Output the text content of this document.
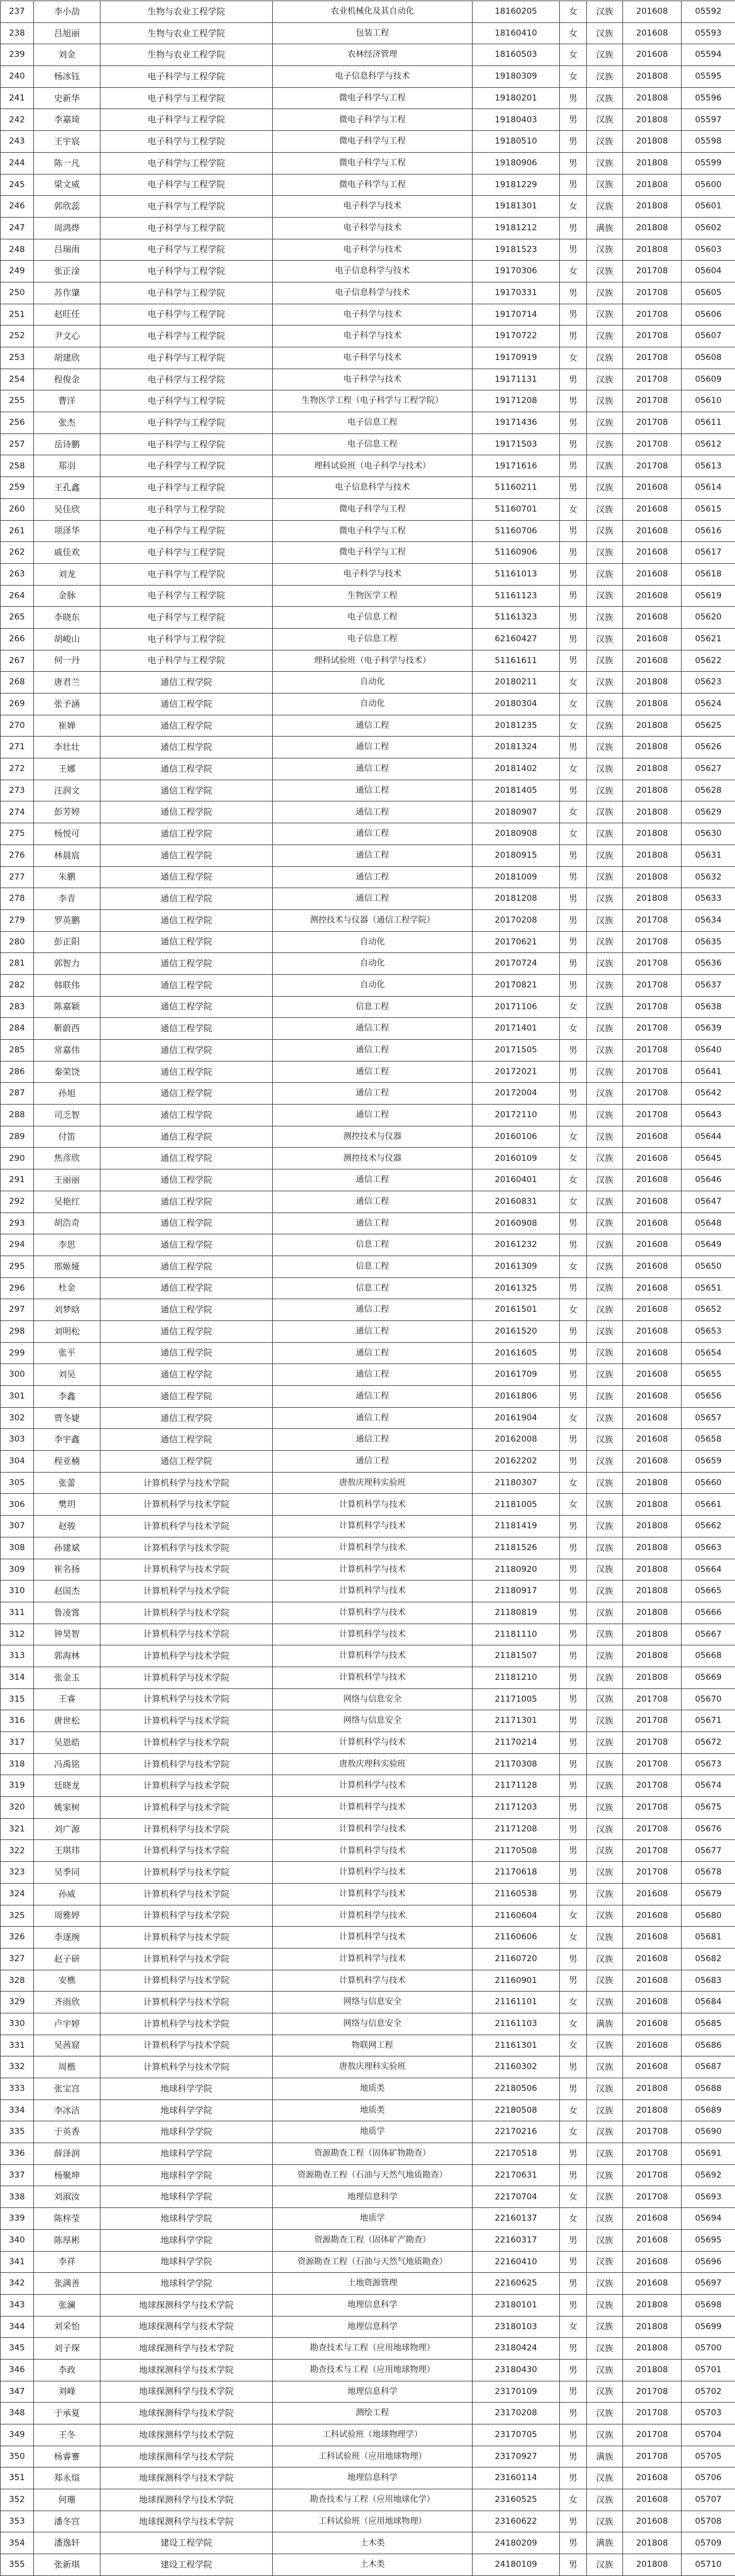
237	李小劼	生物与农业工程学院	农业机械化及其自动化	18160205	女	汉族	201608	05592
238	吕旭丽	生物与农业工程学院	包装工程	18160410	女	汉族	201608	05593
239	刘金	生物与农业工程学院	农林经济管理	18160503	女	汉族	201608	05594
240	杨冰钰	电子科学与工程学院	电子信息科学与技术	19180309	女	汉族	201808	05595
241	史新华	电子科学与工程学院	微电子科学与工程	19180201	男	汉族	201808	05596
242	李嘉琦	电子科学与工程学院	微电子科学与工程	19180403	男	汉族	201808	05597
243	王宇宸	电子科学与工程学院	微电子科学与工程	19180510	男	汉族	201808	05598
244	陈一凡	电子科学与工程学院	微电子科学与工程	19180906	男	汉族	201808	05599
245	梁文威	电子科学与工程学院	微电子科学与工程	19181229	男	汉族	201808	05600
246	郭欣蕊	电子科学与工程学院	电子科学与技术	19181301	女	汉族	201808	05601
247	周鸿烨	电子科学与工程学院	电子科学与技术	19181212	男	满族	201808	05602
248	吕瑞雨	电子科学与工程学院	电子科学与技术	19181523	男	汉族	201808	05603
249	张正淦	电子科学与工程学院	电子信息科学与技术	19170306	女	汉族	201708	05604
250	苏作肇	电子科学与工程学院	电子信息科学与技术	19170331	男	汉族	201708	05605
251	赵旺任	电子科学与工程学院	电子科学与技术	19170714	男	汉族	201708	05606
252	尹文心	电子科学与工程学院	电子科学与技术	19170722	男	汉族	201708	05607
253	胡建欣	电子科学与工程学院	电子科学与技术	19170919	女	汉族	201708	05608
254	程俊金	电子科学与工程学院	电子科学与技术	19171131	男	汉族	201708	05609
255	曹洋	电子科学与工程学院	生物医学工程（电子科学与工程学院）	19171208	男	汉族	201708	05610
256	张杰	电子科学与工程学院	电子信息工程	19171436	男	汉族	201708	05611
257	岳诗鹏	电子科学与工程学院	电子信息工程	19171503	男	汉族	201708	05612
258	郑羽	电子科学与工程学院	理科试验班（电子科学与技术）	19171616	男	汉族	201708	05613
259	王孔鑫	电子科学与工程学院	电子信息科学与技术	51160211	男	汉族	201608	05614
260	吴佳欣	电子科学与工程学院	微电子科学与工程	51160701	女	汉族	201608	05615
261	项泽华	电子科学与工程学院	微电子科学与工程	51160706	男	汉族	201608	05616
262	戚佳欢	电子科学与工程学院	微电子科学与工程	51160906	男	汉族	201608	05617
263	刘龙	电子科学与工程学院	电子科学与技术	51161013	男	汉族	201608	05618
264	金脉	电子科学与工程学院	生物医学工程	51161123	男	汉族	201608	05619
265	李晓东	电子科学与工程学院	电子信息工程	51161323	男	汉族	201608	05620
266	胡峻山	电子科学与工程学院	电子信息工程	62160427	男	汉族	201608	05621
267	何一丹	电子科学与工程学院	理科试验班（电子科学与技术）	51161611	男	汉族	201608	05622
268	唐君兰	通信工程学院	自动化	20180211	女	汉族	201808	05623
269	张予涵	通信工程学院	自动化	20180304	女	汉族	201808	05624
270	崔婵	通信工程学院	通信工程	20181235	女	汉族	201808	05625
271	李壮壮	通信工程学院	通信工程	20181324	男	汉族	201808	05626
272	王娜	通信工程学院	通信工程	20181402	女	汉族	201808	05627
273	汪润文	通信工程学院	通信工程	20181405	男	汉族	201808	05628
274	彭芳婷	通信工程学院	通信工程	20180907	女	汉族	201808	05629
275	杨悦可	通信工程学院	通信工程	20180908	女	汉族	201808	05630
276	林晨宸	通信工程学院	通信工程	20180915	男	汉族	201808	05631
277	朱鹏	通信工程学院	通信工程	20181009	男	汉族	201808	05632
278	李青	通信工程学院	通信工程	20181208	男	汉族	201808	05633
279	罗英鹏	通信工程学院	测控技术与仪器（通信工程学院）	20170208	男	汉族	201708	05634
280	彭正阳	通信工程学院	自动化	20170621	男	汉族	201708	05635
281	郭智力	通信工程学院	自动化	20170724	男	汉族	201708	05636
282	韩联伟	通信工程学院	自动化	20170821	男	汉族	201708	05637
283	陈嘉颖	通信工程学院	信息工程	20171106	女	汉族	201708	05638
284	靳蔚西	通信工程学院	通信工程	20171401	女	汉族	201708	05639
285	常嘉伟	通信工程学院	通信工程	20171505	男	汉族	201708	05640
286	秦荣饶	通信工程学院	通信工程	20172021	男	汉族	201708	05641
287	孙旭	通信工程学院	通信工程	20172004	男	汉族	201708	05642
288	司乏智	通信工程学院	通信工程	20172110	男	汉族	201708	05643
289	付笛	通信工程学院	测控技术与仪器	20160106	女	汉族	201608	05644
290	焦彦欣	通信工程学院	测控技术与仪器	20160109	女	汉族	201608	05645
291	王丽丽	通信工程学院	通信工程	20160401	女	汉族	201608	05646
292	吴艳红	通信工程学院	通信工程	20160831	女	汉族	201608	05647
293	胡浩奇	通信工程学院	通信工程	20160908	男	汉族	201608	05648
294	李思	通信工程学院	信息工程	20161232	男	汉族	201608	05649
295	邢姬娅	通信工程学院	信息工程	20161309	女	汉族	201608	05650
296	杜金	通信工程学院	信息工程	20161325	男	汉族	201608	05651
297	刘梦晗	通信工程学院	通信工程	20161501	女	汉族	201608	05652
298	刘明松	通信工程学院	通信工程	20161520	男	汉族	201608	05653
299	张平	通信工程学院	通信工程	20161605	男	汉族	201608	05654
300	刘吴	通信工程学院	通信工程	20161709	男	汉族	201608	05655
301	李鑫	通信工程学院	通信工程	20161806	男	汉族	201608	05656
302	贾冬婕	通信工程学院	通信工程	20161904	女	汉族	201608	05657
303	李宇鑫	通信工程学院	通信工程	20162008	男	汉族	201608	05658
304	程亚楠	通信工程学院	通信工程	20162202	男	汉族	201608	05659
305	张蕾	计算机科学与技术学院	唐敖庆理科实验班	21180307	女	汉族	201808	05660
306	樊玥	计算机科学与技术学院	计算机科学与技术	21181005	女	汉族	201808	05661
307	赵骏	计算机科学与技术学院	计算机科学与技术	21181419	男	汉族	201808	05662
308	孙建斌	计算机科学与技术学院	计算机科学与技术	21181526	男	汉族	201808	05663
309	崔名扬	计算机科学与技术学院	计算机科学与技术	21180920	男	汉族	201808	05664
310	赵国杰	计算机科学与技术学院	计算机科学与技术	21180917	男	汉族	201808	05665
311	鲁凌霄	计算机科学与技术学院	计算机科学与技术	21180819	男	汉族	201808	05666
312	钟昊智	计算机科学与技术学院	计算机科学与技术	21181110	男	汉族	201808	05667
313	郭海林	计算机科学与技术学院	计算机科学与技术	21181507	男	汉族	201808	05668
314	张金玉	计算机科学与技术学院	计算机科学与技术	21181210	男	汉族	201808	05669
315	王睿	计算机科学与技术学院	网络与信息安全	21171005	男	汉族	201708	05670
316	唐世松	计算机科学与技术学院	网络与信息安全	21171301	男	汉族	201708	05671
317	吴恩皓	计算机科学与技术学院	计算机科学与技术	21170214	男	汉族	201708	05672
318	冯禹铭	计算机科学与技术学院	唐敖庆理科实验班	21170308	男	汉族	201708	05673
319	廷晓龙	计算机科学与技术学院	计算机科学与技术	21171128	男	汉族	201708	05674
320	姚家树	计算机科学与技术学院	计算机科学与技术	21171203	男	汉族	201708	05675
321	刘广源	计算机科学与技术学院	计算机科学与技术	21171208	男	汉族	201708	05676
322	王琪玮	计算机科学与技术学院	计算机科学与技术	21170508	男	汉族	201708	05677
323	吴季同	计算机科学与技术学院	计算机科学与技术	21170618	男	汉族	201708	05678
324	孙威	计算机科学与技术学院	计算机科学与技术	21160538	男	汉族	201608	05679
325	周雅婷	计算机科学与技术学院	计算机科学与技术	21160604	女	汉族	201608	05680
326	李逐琬	计算机科学与技术学院	计算机科学与技术	21160606	女	汉族	201608	05681
327	赵子研	计算机科学与技术学院	计算机科学与技术	21160720	男	汉族	201608	05682
328	安樵	计算机科学与技术学院	计算机科学与技术	21160901	男	汉族	201608	05683
329	齐雨欣	计算机科学与技术学院	网络与信息安全	21161101	女	汉族	201608	05684
330	卢宇婷	计算机科学与技术学院	网络与信息安全	21161103	女	满族	201608	05685
331	吴茜窟	计算机科学与技术学院	物联网工程	21161301	女	汉族	201608	05686
332	周楷	计算机科学与技术学院	唐敖庆理科实验班	21160302	男	汉族	201608	05687
333	张宝宫	地球科学学院	地质类	22180506	男	汉族	201808	05688
334	李冰洁	地球科学学院	地质类	22180508	女	汉族	201808	05689
335	于英香	地球科学学院	地质学	22170216	女	汉族	201708	05690
336	薛泽润	地球科学学院	资源勘查工程（固体矿物勘查）	22170518	男	汉族	201708	05691
337	杨聚坤	地球科学学院	资源勘查工程（石油与天然气地质勘查）	22170631	男	汉族	201708	05692
338	刘淑汝	地球科学学院	地理信息科学	22170704	女	汉族	201708	05693
339	陈梓莹	地球科学学院	地质学	22160137	女	汉族	201608	05694
340	陈厚彬	地球科学学院	资源勘查工程（固体矿产勘查）	22160317	男	汉族	201608	05695
341	李祥	地球科学学院	资源勘查工程（石油与天然气地质勘查）	22160410	男	汉族	201608	05696
342	张满善	地球科学学院	土地资源管理	22160625	男	汉族	201608	05697
343	张澜	地球探测科学与技术学院	地理信息科学	23180101	男	汉族	201808	05698
344	刘采怡	地球探测科学与技术学院	地理信息科学	23180103	女	汉族	201808	05699
345	刘子琛	地球探测科学与技术学院	勘查技术与工程（应用地球物理）	23180424	男	汉族	201808	05700
346	李政	地球探测科学与技术学院	勘查技术与工程（应用地球物理）	23180430	男	汉族	201808	05701
347	刘峰	地球探测科学与技术学院	地理信息科学	23170109	男	汉族	201708	05702
348	于承夏	地球探测科学与技术学院	测绘工程	23170208	男	汉族	201708	05703
349	王冬	地球探测科学与技术学院	工科试验班（地球物理学）	23170705	男	汉族	201708	05704
350	杨睿謇	地球探测科学与技术学院	工科试验班（应用地球物理）	23170927	男	满族	201708	05705
351	郑永煊	地球探测科学与技术学院	地理信息科学	23160114	男	汉族	201608	05706
352	何珊	地球探测科学与技术学院	勘查技术与工程（应用地球化学）	23160525	女	汉族	201608	05707
353	潘冬宫	地球探测科学与技术学院	工科试验班（应用地球物理）	23160622	男	汉族	201608	05708
354	潘逸轩	建设工程学院	土木类	24180209	男	满族	201808	05709
355	张新琪	建设工程学院	土木类	24180109	男	汉族	201808	05710
